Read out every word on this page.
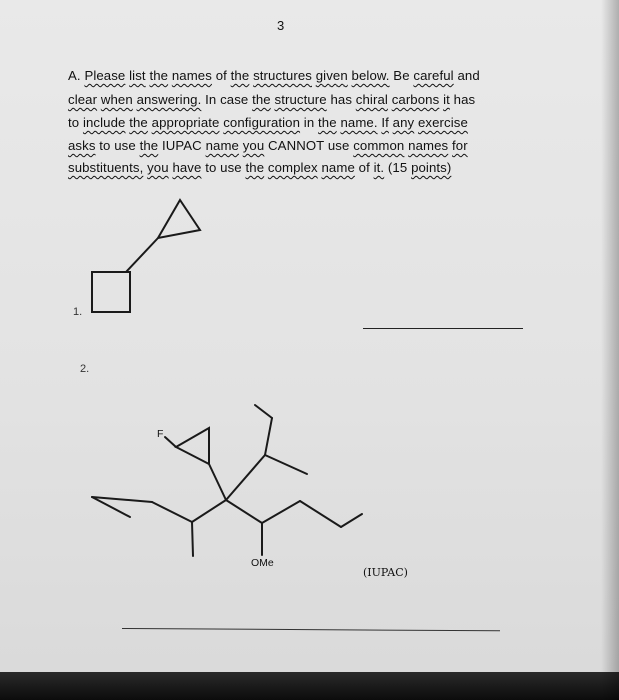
3
A. Please list the names of the structures given below. Be careful and
clear when answering. In case the structure has chiral carbons it has
to include the appropriate configuration in the name. If any exercise
asks to use the IUPAC name you CANNOT use common names for
substituents, you have to use the complex name of it. (15 points)
1.
2.
F
OMe
(IUPAC)
